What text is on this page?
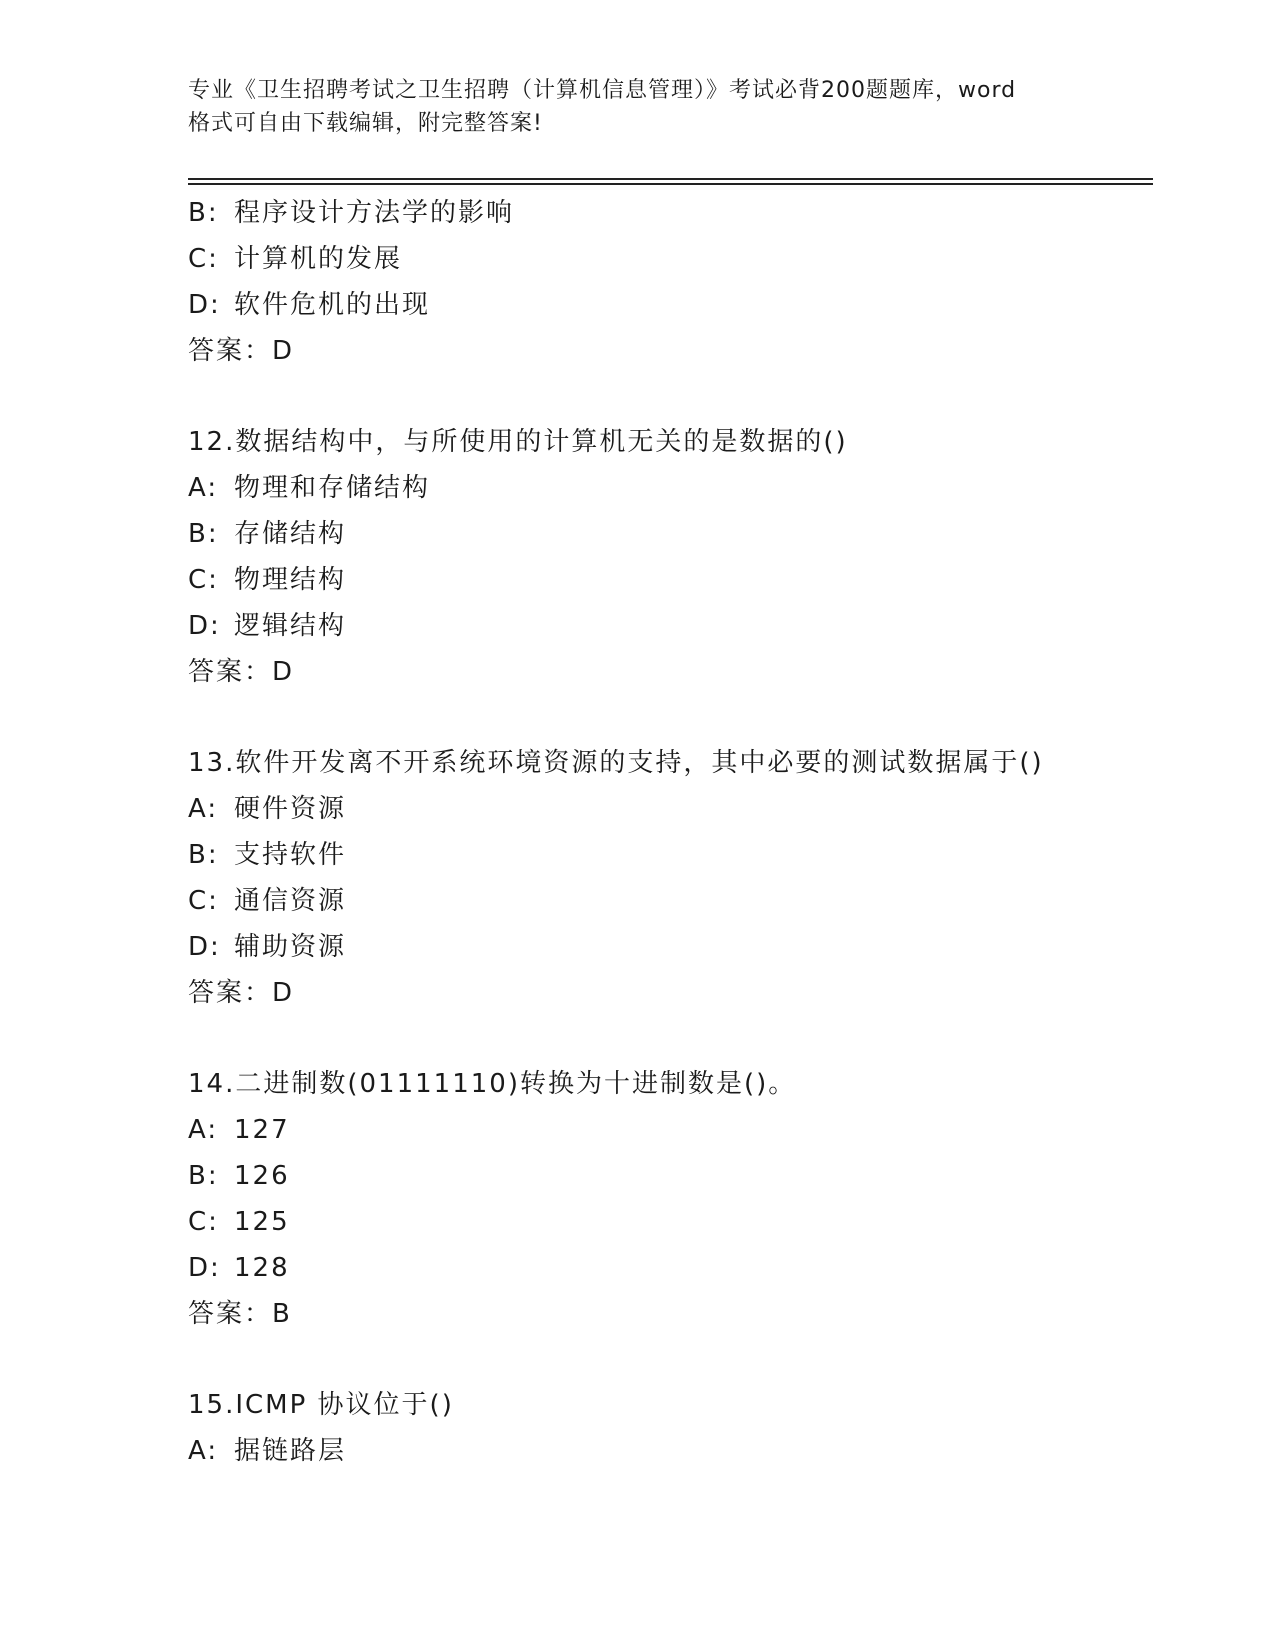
专业《卫生招聘考试之卫生招聘（计算机信息管理）》考试必背200题题库，word
格式可自由下载编辑，附完整答案!
B: 程序设计方法学的影响
C: 计算机的发展
D: 软件危机的出现
答案：D
12.数据结构中，与所使用的计算机无关的是数据的()
A: 物理和存储结构
B: 存储结构
C: 物理结构
D: 逻辑结构
答案：D
13.软件开发离不开系统环境资源的支持，其中必要的测试数据属于()
A: 硬件资源
B: 支持软件
C: 通信资源
D: 辅助资源
答案：D
14.二进制数(01111110)转换为十进制数是()。
A: 127
B: 126
C: 125
D: 128
答案：B
15.ICMP 协议位于()
A: 据链路层
